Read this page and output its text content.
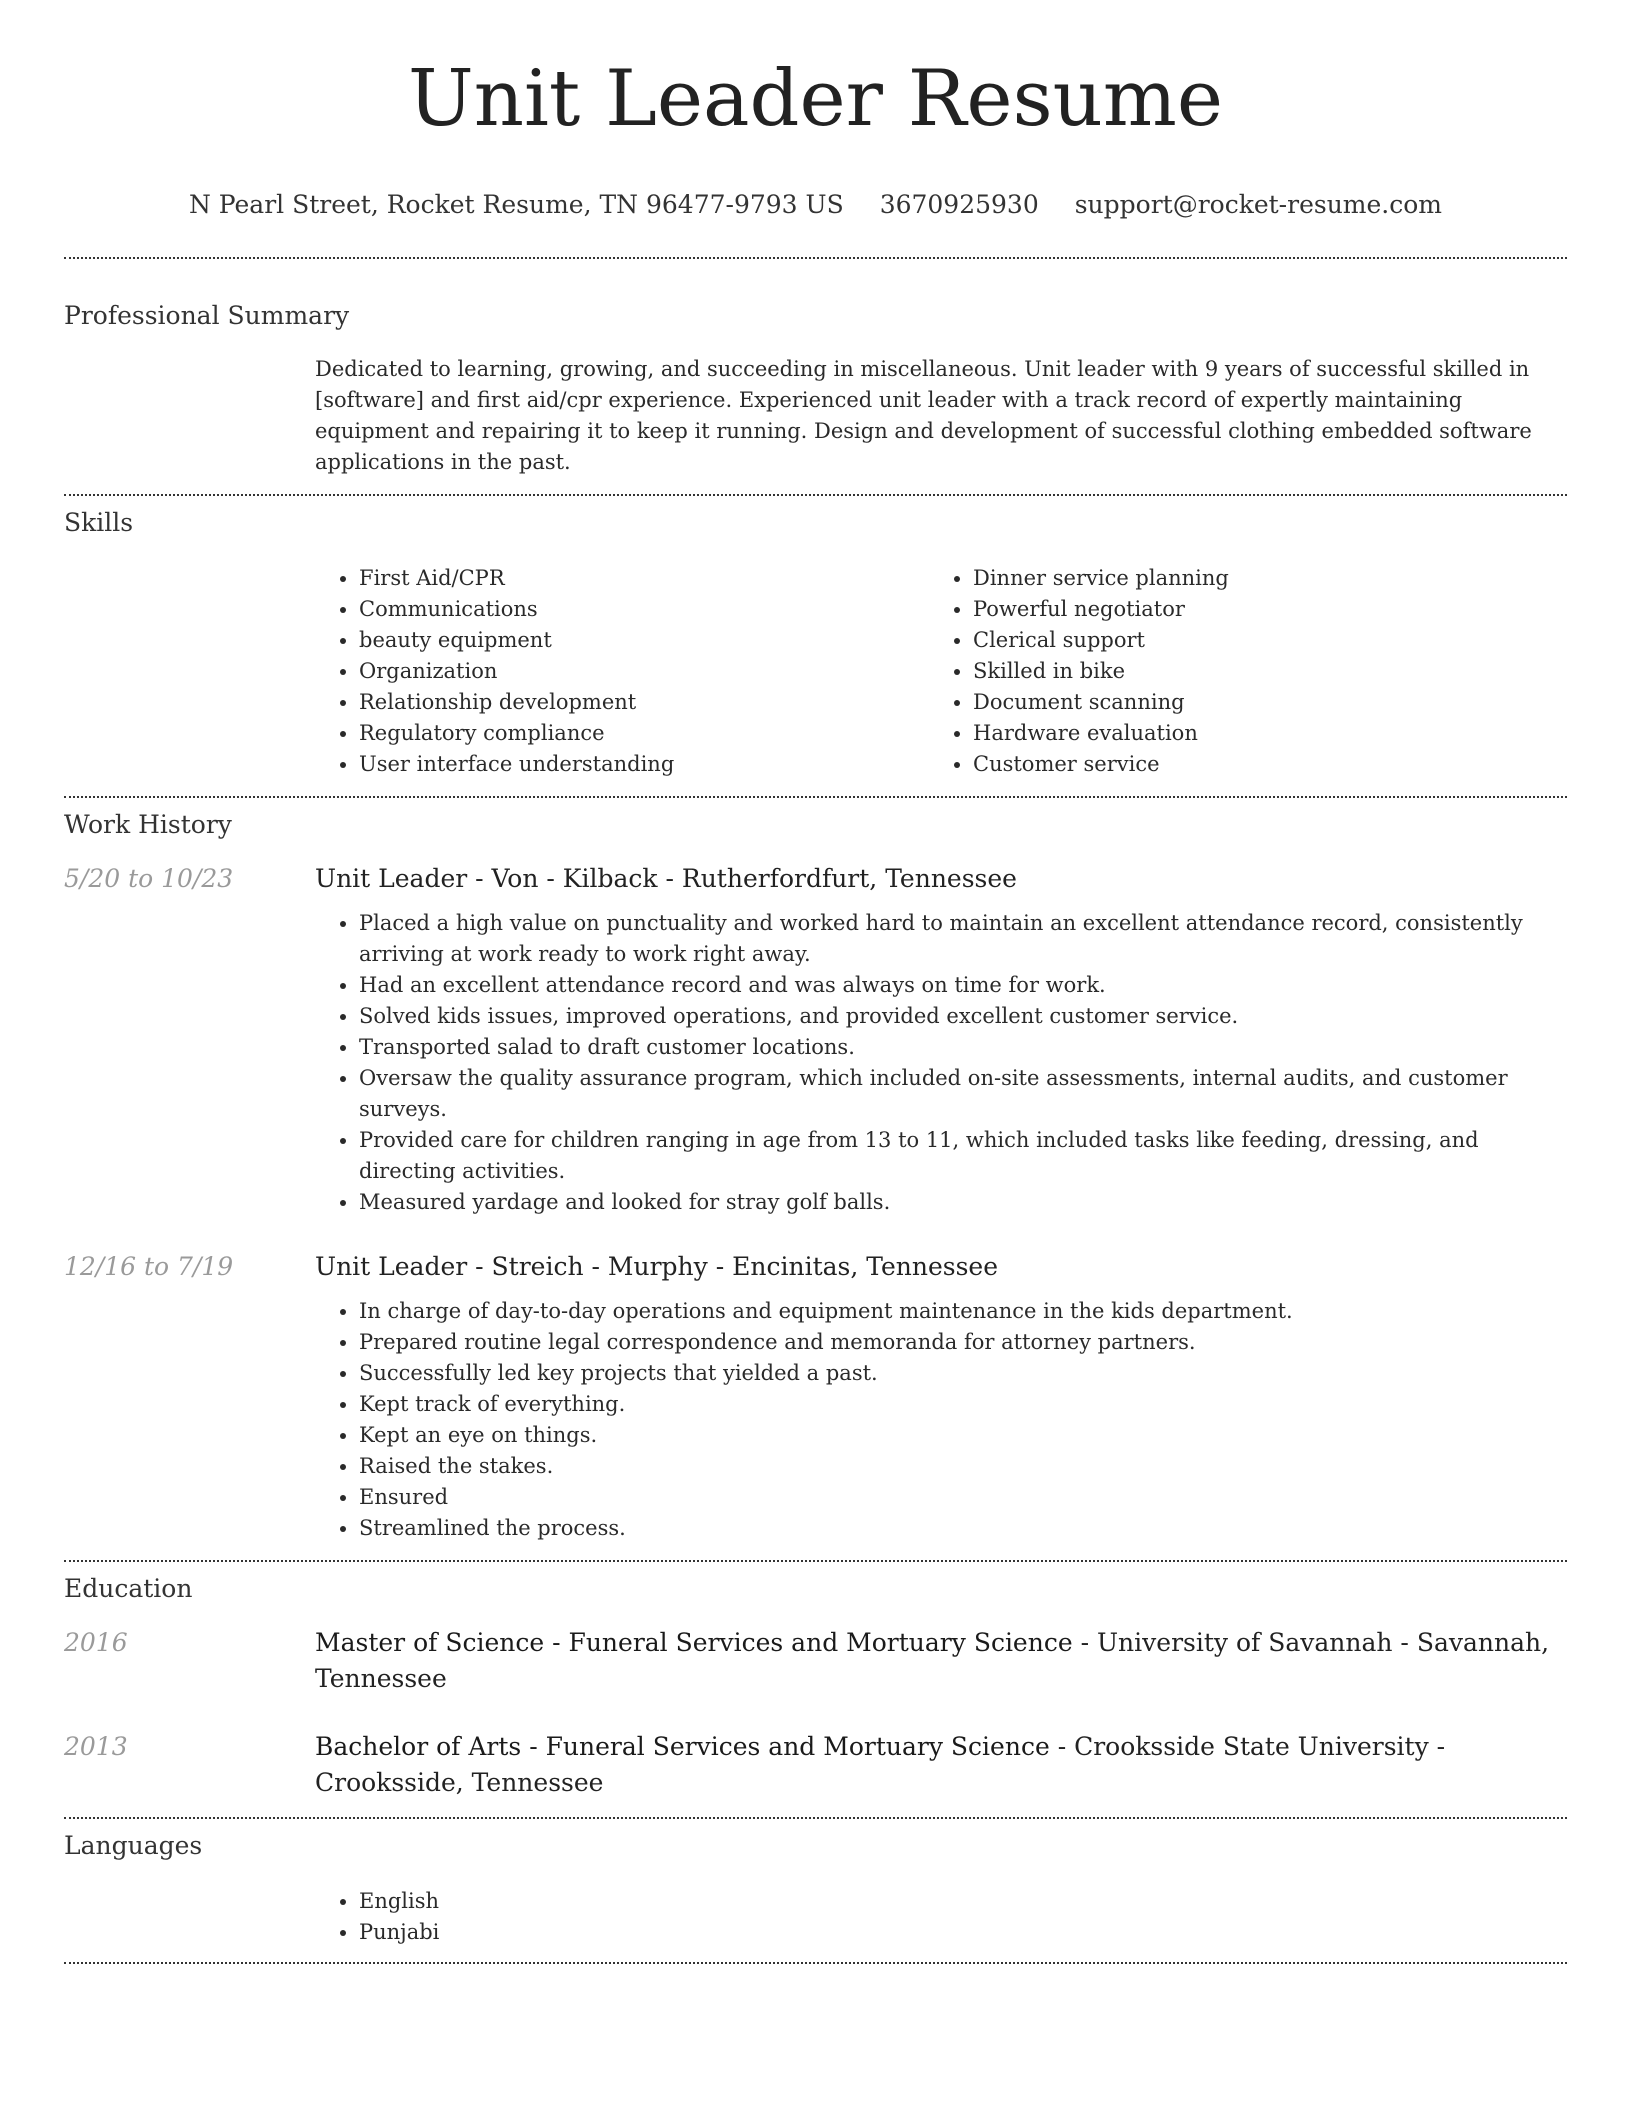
Unit Leader Resume
N Pearl Street, Rocket Resume, TN 96477-9793 US 3670925930 support@rocket-resume.com
Professional Summary
Dedicated to learning, growing, and succeeding in miscellaneous. Unit leader with 9 years of successful skilled in [software] and first aid/cpr experience. Experienced unit leader with a track record of expertly maintaining equipment and repairing it to keep it running. Design and development of successful clothing embedded software applications in the past.
Skills
• First Aid/CPR
• Communications
• beauty equipment
• Organization
• Relationship development
• Regulatory compliance
• User interface understanding
• Dinner service planning
• Powerful negotiator
• Clerical support
• Skilled in bike
• Document scanning
• Hardware evaluation
• Customer service
Work History
5/20 to 10/23	Unit Leader - Von - Kilback - Rutherfordfurt, Tennessee
• Placed a high value on punctuality and worked hard to maintain an excellent attendance record, consistently arriving at work ready to work right away.
• Had an excellent attendance record and was always on time for work.
• Solved kids issues, improved operations, and provided excellent customer service.
• Transported salad to draft customer locations.
• Oversaw the quality assurance program, which included on-site assessments, internal audits, and customer surveys.
• Provided care for children ranging in age from 13 to 11, which included tasks like feeding, dressing, and directing activities.
• Measured yardage and looked for stray golf balls.
12/16 to 7/19	Unit Leader - Streich - Murphy - Encinitas, Tennessee
• In charge of day-to-day operations and equipment maintenance in the kids department.
• Prepared routine legal correspondence and memoranda for attorney partners.
• Successfully led key projects that yielded a past.
• Kept track of everything.
• Kept an eye on things.
• Raised the stakes.
• Ensured
• Streamlined the process.
Education
2016	Master of Science - Funeral Services and Mortuary Science - University of Savannah - Savannah, Tennessee
2013	Bachelor of Arts - Funeral Services and Mortuary Science - Crooksside State University - Crooksside, Tennessee
Languages
• English
• Punjabi
